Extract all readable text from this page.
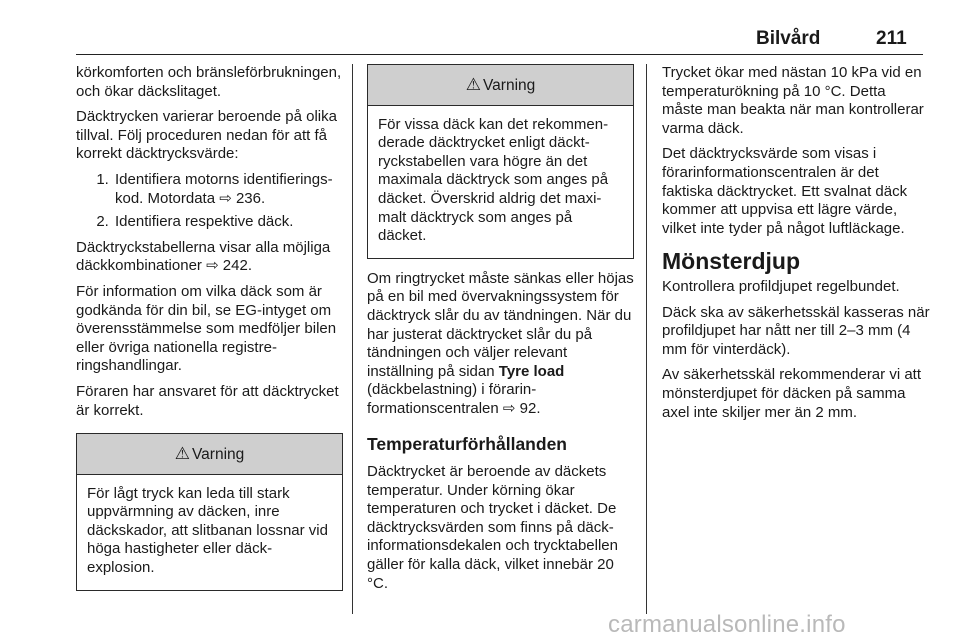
Bilvård	211

körkomforten och bränsleförbrukningen, och ökar däckslitaget.

Däcktrycken varierar beroende på olika tillval. Följ proceduren nedan för att få korrekt däcktrycksvärde:

1. Identifiera motorns identifieringskod. Motordata ⇨ 236.
2. Identifiera respektive däck.

Däcktryckstabellerna visar alla möjliga däckkombinationer ⇨ 242.

För information om vilka däck som är godkända för din bil, se EG-intyget om överensstämmelse som medföljer bilen eller övriga nationella registreringshandlingar.

Föraren har ansvaret för att däcktrycket är korrekt.

⚠ Varning
För lågt tryck kan leda till stark uppvärmning av däcken, inre däckskador, att slitbanan lossnar vid höga hastigheter eller däckexplosion.
⚠ Varning
För vissa däck kan det rekommenderade däcktrycket enligt däcktryckstabellen vara högre än det maximala däcktryck som anges på däcket. Överskrid aldrig det maximalt däcktryck som anges på däcket.

Om ringtrycket måste sänkas eller höjas på en bil med övervakningssystem för däcktryck slår du av tändningen. När du har justerat däcktrycket slår du på tändningen och väljer relevant inställning på sidan Tyre load (däckbelastning) i förarinformationscentralen ⇨ 92.

Temperaturförhållanden

Däcktrycket är beroende av däckets temperatur. Under körning ökar temperaturen och trycket i däcket. De däcktrycksvärden som finns på däckinformationsdekalen och trycktabellen gäller för kalla däck, vilket innebär 20 °C.

Trycket ökar med nästan 10 kPa vid en temperaturökning på 10 °C. Detta måste man beakta när man kontrollerar varma däck.

Det däcktrycksvärde som visas i förarinformationscentralen är det faktiska däcktrycket. Ett svalnat däck kommer att uppvisa ett lägre värde, vilket inte tyder på något luftläckage.

Mönsterdjup

Kontrollera profildjupet regelbundet.

Däck ska av säkerhetsskäl kasseras när profildjupet har nått ner till 2–3 mm (4 mm för vinterdäck).

Av säkerhetsskäl rekommenderar vi att mönsterdjupet för däcken på samma axel inte skiljer mer än 2 mm.

carmanualsonline.info
